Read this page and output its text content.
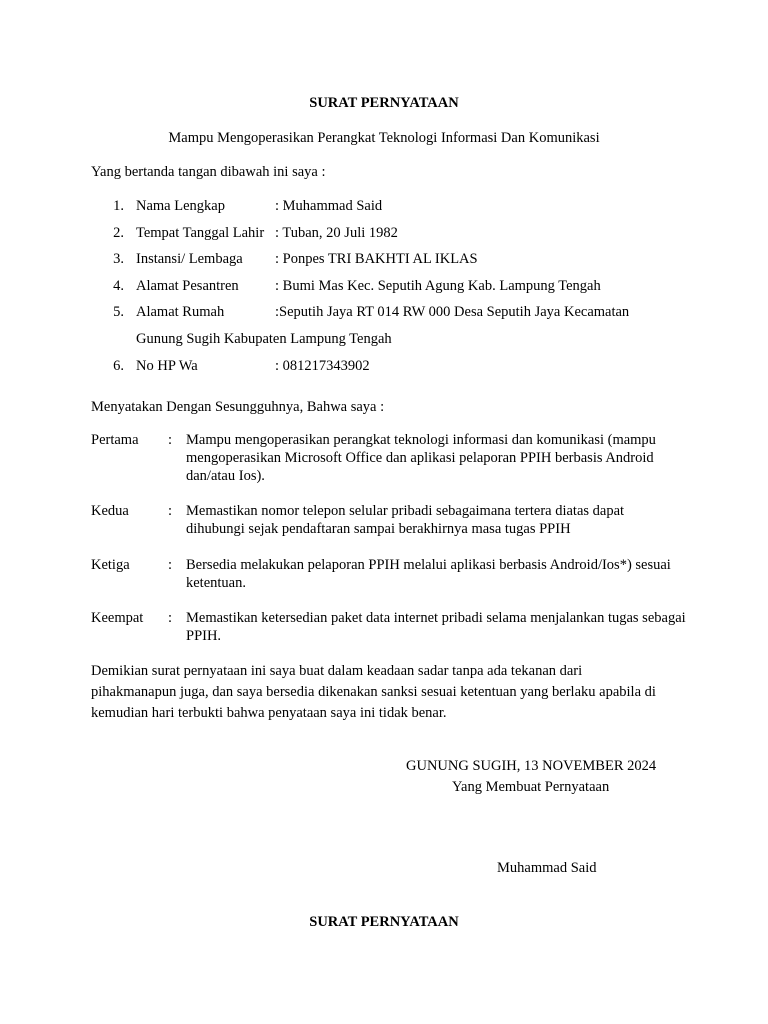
SURAT PERNYATAAN
Mampu Mengoperasikan Perangkat Teknologi Informasi Dan Komunikasi
Yang bertanda tangan dibawah ini saya :
1. Nama Lengkap	: Muhammad Said
2. Tempat Tanggal Lahir : Tuban, 20 Juli 1982
3. Instansi/ Lembaga : Ponpes TRI BAKHTI AL IKLAS
4. Alamat Pesantren	: Bumi Mas Kec. Seputih Agung Kab. Lampung Tengah
5. Alamat Rumah	:Seputih Jaya RT 014 RW 000 Desa Seputih Jaya Kecamatan
Gunung Sugih Kabupaten Lampung Tengah
6. No HP Wa	: 081217343902
Menyatakan Dengan Sesungguhnya, Bahwa saya :
Pertama : Mampu mengoperasikan perangkat teknologi informasi dan komunikasi (mampu mengoperasikan Microsoft Office dan aplikasi pelaporan PPIH berbasis Android dan/atau Ios).
Kedua	: Memastikan nomor telepon selular pribadi sebagaimana tertera diatas dapat dihubungi sejak pendaftaran sampai berakhirnya masa tugas PPIH
Ketiga	: Bersedia melakukan pelaporan PPIH melalui aplikasi berbasis Android/Ios*) sesuai ketentuan.
Keempat : Memastikan ketersedian paket data internet pribadi selama menjalankan tugas sebagai PPIH.
Demikian surat pernyataan ini saya buat dalam keadaan sadar tanpa ada tekanan dari
pihakmanapun juga, dan saya bersedia dikenakan sanksi sesuai ketentuan yang berlaku apabila di
kemudian hari terbukti bahwa penyataan saya ini tidak benar.
GUNUNG SUGIH, 13 NOVEMBER 2024
Yang Membuat Pernyataan
Muhammad Said
SURAT PERNYATAAN
